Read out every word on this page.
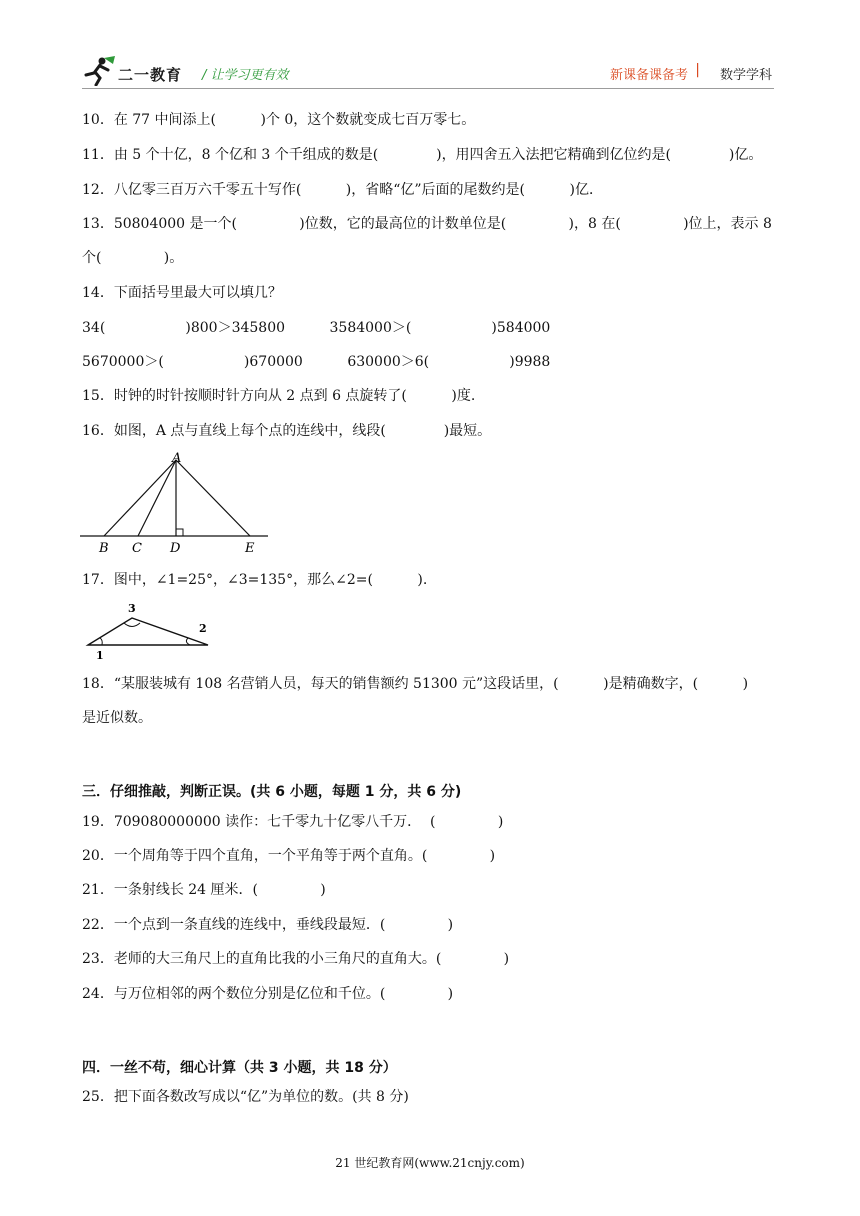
二一教育 / 让学习更有效	新课备课备考 | 数学学科
10．在 77 中间添上(          )个 0，这个数就变成七百万零七。
11．由 5 个十亿，8 个亿和 3 个千组成的数是(             )，用四舍五入法把它精确到亿位约是(             )亿。
12．八亿零三百万六千零五十写作(          )，省略“亿”后面的尾数约是(          )亿．
13．50804000 是一个(              )位数，它的最高位的计数单位是(              )，8 在(              )位上，表示 8
个(              )。
14．下面括号里最大可以填几？
34(                  )800＞345800          3584000＞(                  )584000
5670000＞(                  )670000          630000＞6(                  )9988
15．时钟的时针按顺时针方向从 2 点到 6 点旋转了(          )度.
16．如图，A 点与直线上每个点的连线中，线段(             )最短。
A
B C D	E
17．图中，∠1=25°，∠3=135°，那么∠2=(          ).
3
2
1
18．“某服装城有 108 名营销人员，每天的销售额约 51300 元”这段话里，(          )是精确数字，(          )
是近似数。
三．仔细推敲，判断正误。(共 6 小题，每题 1 分，共 6 分)
19．709080000000 读作：七千零九十亿零八千万．  (              )
20．一个周角等于四个直角，一个平角等于两个直角。(              )
21．一条射线长 24 厘米．(              )
22．一个点到一条直线的连线中，垂线段最短．(              )
23．老师的大三角尺上的直角比我的小三角尺的直角大。(              )
24．与万位相邻的两个数位分别是亿位和千位。(              )
四．一丝不苟，细心计算（共 3 小题，共 18 分）
25．把下面各数改写成以“亿”为单位的数。(共 8 分)
21 世纪教育网(www.21cnjy.com)
